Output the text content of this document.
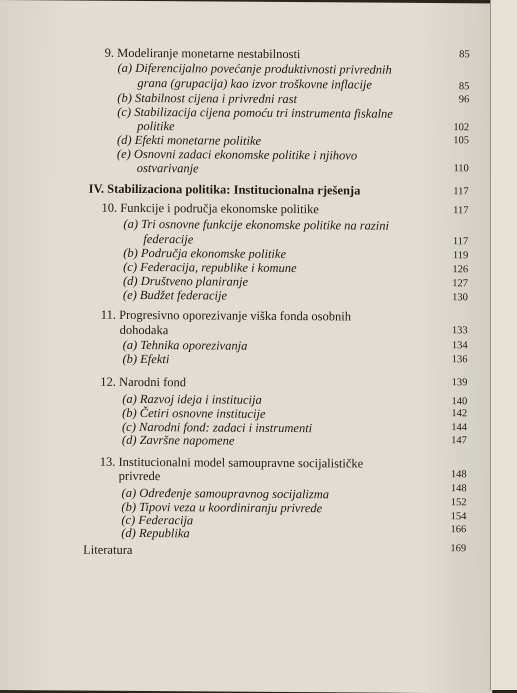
9. Modeliranje monetarne nestabilnosti	85
(a) Diferencijalno povećanje produktivnosti privrednih
grana (grupacija) kao izvor troškovne inflacije	85
(b) Stabilnost cijena i privredni rast	96
(c) Stabilizacija cijena pomoću tri instrumenta fiskalne
politike	102
(d) Efekti monetarne politike	105
(e) Osnovni zadaci ekonomske politike i njihovo
ostvarivanje	110
IV. Stabilizaciona politika: Institucionalna rješenja	117
10. Funkcije i područja ekonomske politike	117
(a) Tri osnovne funkcije ekonomske politike na razini
federacije	117
(b) Područja ekonomske politike	119
(c) Federacija, republike i komune	126
(d) Društveno planiranje	127
(e) Budžet federacije	130
11. Progresivno oporezivanje viška fonda osobnih
dohodaka	133
(a) Tehnika oporezivanja	134
(b) Efekti	136
12. Narodni fond	139
(a) Razvoj ideja i institucija	140
(b) Četiri osnovne institucije	142
(c) Narodni fond: zadaci i instrumenti	144
(d) Završne napomene	147
13. Institucionalni model samoupravne socijalističke
privrede	148
(a) Određenje samoupravnog socijalizma	148
(b) Tipovi veza u koordiniranju privrede	152
(c) Federacija	154
(d) Republika	166
Literatura	169
